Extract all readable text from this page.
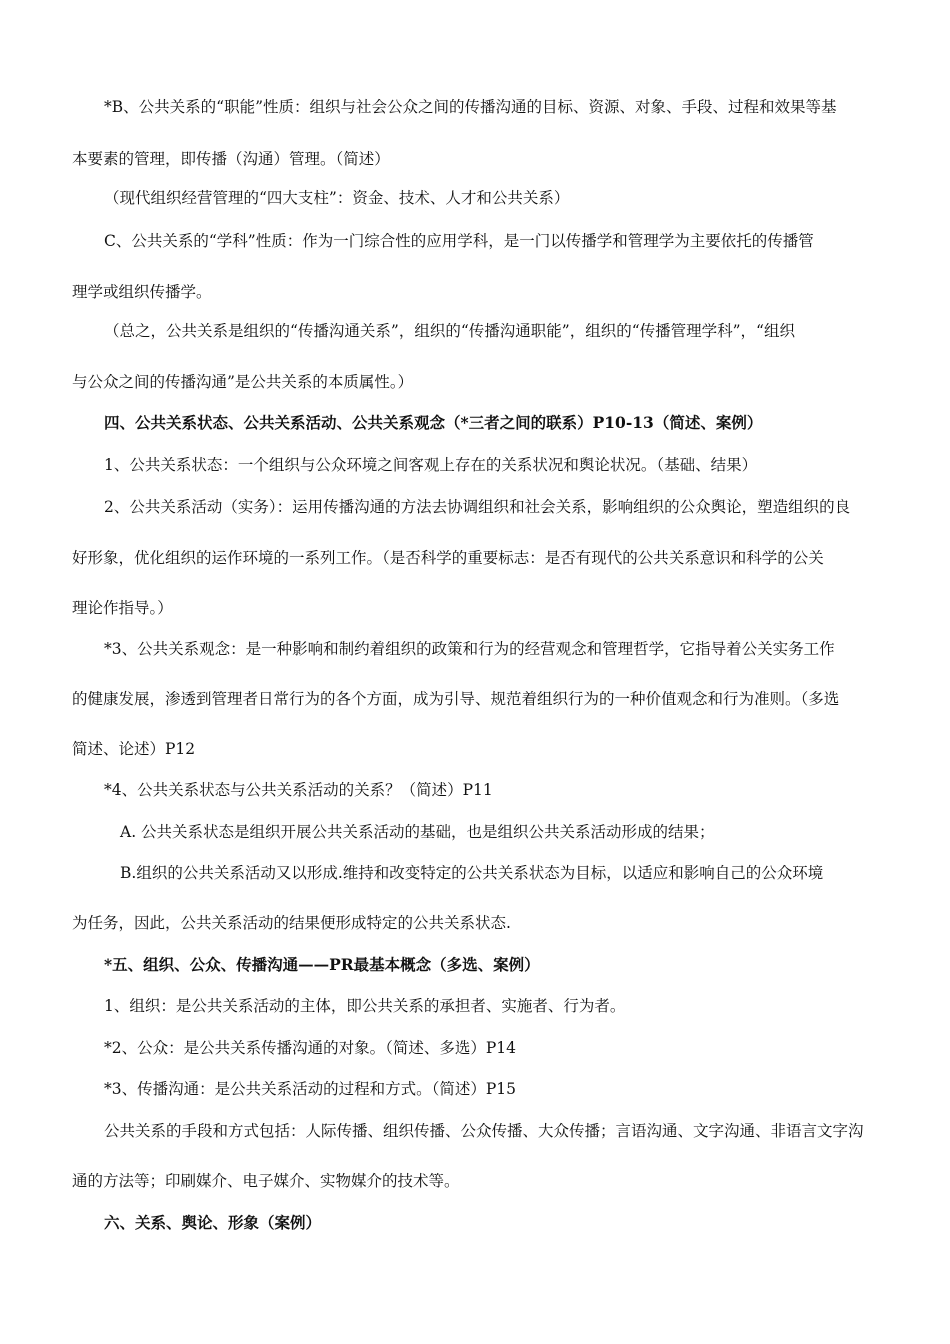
*B、公共关系的“职能”性质：组织与社会公众之间的传播沟通的目标、资源、对象、手段、过程和效果等基
本要素的管理，即传播（沟通）管理。（简述）
（现代组织经营管理的“四大支柱”：资金、技术、人才和公共关系）
C、公共关系的“学科”性质：作为一门综合性的应用学科，是一门以传播学和管理学为主要依托的传播管
理学或组织传播学。
（总之，公共关系是组织的“传播沟通关系”，组织的“传播沟通职能”，组织的“传播管理学科”，“组织
与公众之间的传播沟通”是公共关系的本质属性。）
四、公共关系状态、公共关系活动、公共关系观念（*三者之间的联系）P10-13（简述、案例）
1、公共关系状态：一个组织与公众环境之间客观上存在的关系状况和舆论状况。（基础、结果）
2、公共关系活动（实务）：运用传播沟通的方法去协调组织和社会关系，影响组织的公众舆论，塑造组织的良
好形象，优化组织的运作环境的一系列工作。（是否科学的重要标志：是否有现代的公共关系意识和科学的公关
理论作指导。）
*3、公共关系观念：是一种影响和制约着组织的政策和行为的经营观念和管理哲学，它指导着公关实务工作
的健康发展，渗透到管理者日常行为的各个方面，成为引导、规范着组织行为的一种价值观念和行为准则。（多选
简述、论述）P12
*4、公共关系状态与公共关系活动的关系？（简述）P11
A. 公共关系状态是组织开展公共关系活动的基础，也是组织公共关系活动形成的结果；
B.组织的公共关系活动又以形成.维持和改变特定的公共关系状态为目标，以适应和影响自己的公众环境
为任务，因此，公共关系活动的结果便形成特定的公共关系状态.
*五、组织、公众、传播沟通——PR最基本概念（多选、案例）
1、组织：是公共关系活动的主体，即公共关系的承担者、实施者、行为者。
*2、公众：是公共关系传播沟通的对象。（简述、多选）P14
*3、传播沟通：是公共关系活动的过程和方式。（简述）P15
公共关系的手段和方式包括：人际传播、组织传播、公众传播、大众传播；言语沟通、文字沟通、非语言文字沟
通的方法等；印刷媒介、电子媒介、实物媒介的技术等。
六、关系、舆论、形象（案例）
